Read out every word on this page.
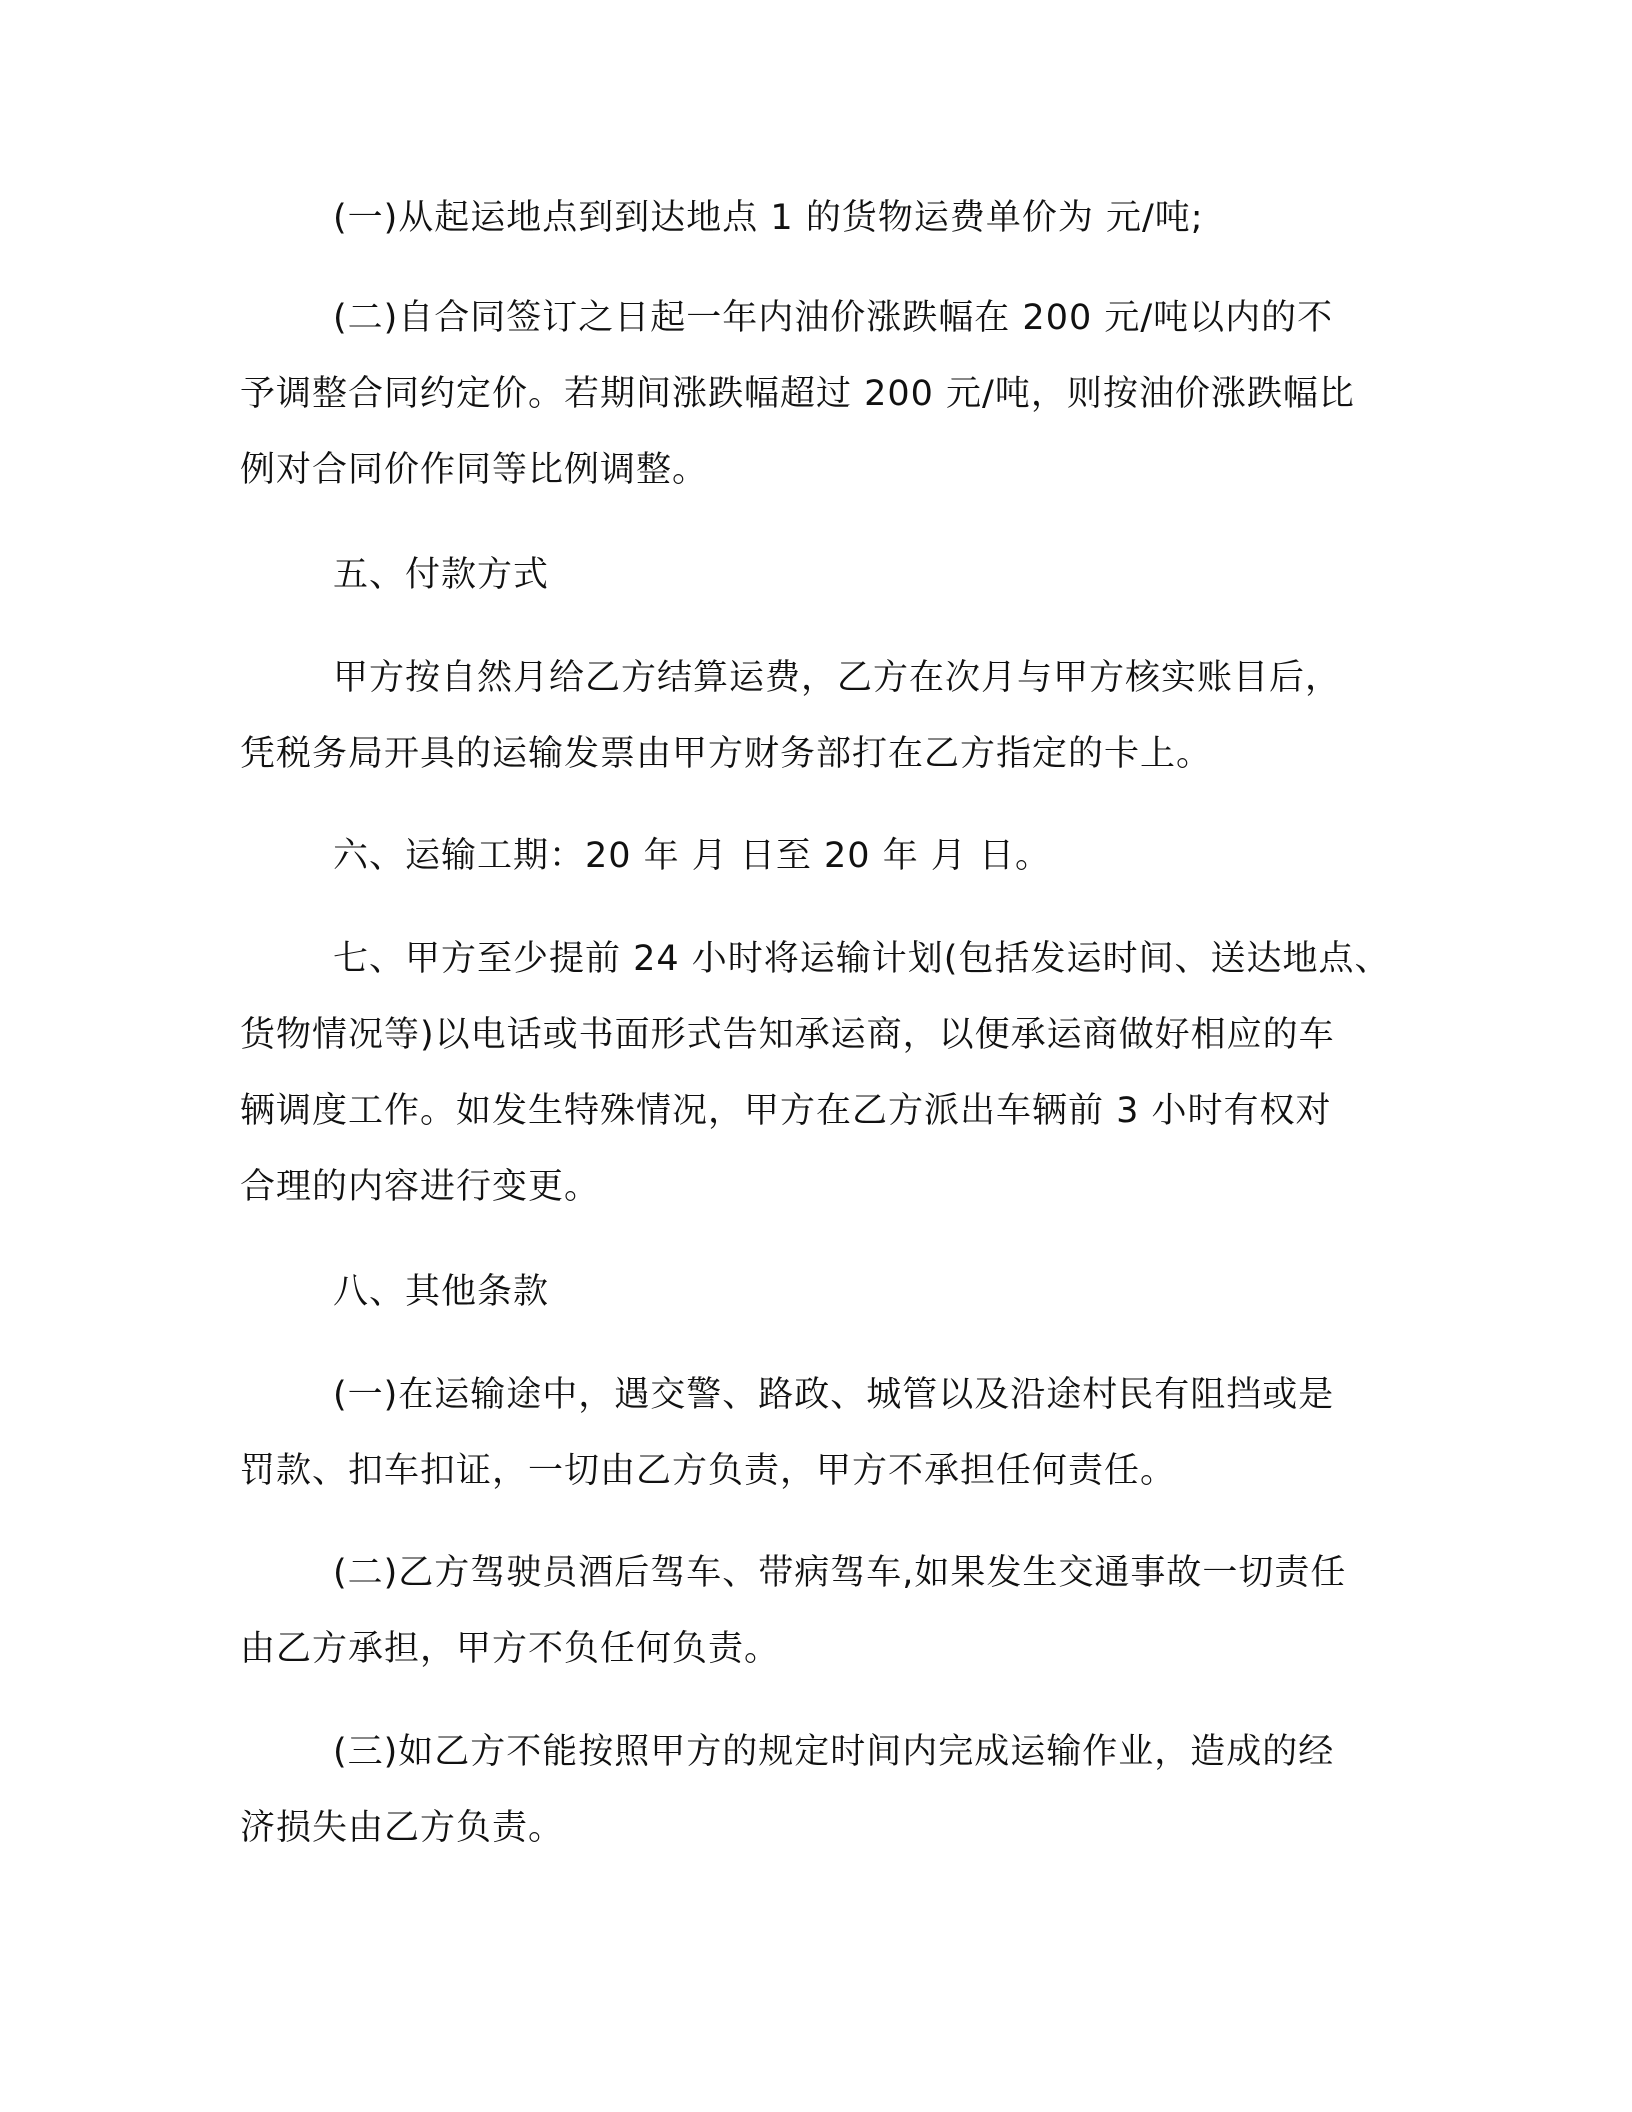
(一)从起运地点到到达地点 1 的货物运费单价为 元/吨;
(二)自合同签订之日起一年内油价涨跌幅在 200 元/吨以内的不
予调整合同约定价。若期间涨跌幅超过 200 元/吨，则按油价涨跌幅比
例对合同价作同等比例调整。
五、付款方式
甲方按自然月给乙方结算运费，乙方在次月与甲方核实账目后，
凭税务局开具的运输发票由甲方财务部打在乙方指定的卡上。
六、运输工期：20 年 月 日至 20 年 月 日。
七、甲方至少提前 24 小时将运输计划(包括发运时间、送达地点、
货物情况等)以电话或书面形式告知承运商，以便承运商做好相应的车
辆调度工作。如发生特殊情况，甲方在乙方派出车辆前 3 小时有权对
合理的内容进行变更。
八、其他条款
(一)在运输途中，遇交警、路政、城管以及沿途村民有阻挡或是
罚款、扣车扣证，一切由乙方负责，甲方不承担任何责任。
(二)乙方驾驶员酒后驾车、带病驾车,如果发生交通事故一切责任
由乙方承担，甲方不负任何负责。
(三)如乙方不能按照甲方的规定时间内完成运输作业，造成的经
济损失由乙方负责。
